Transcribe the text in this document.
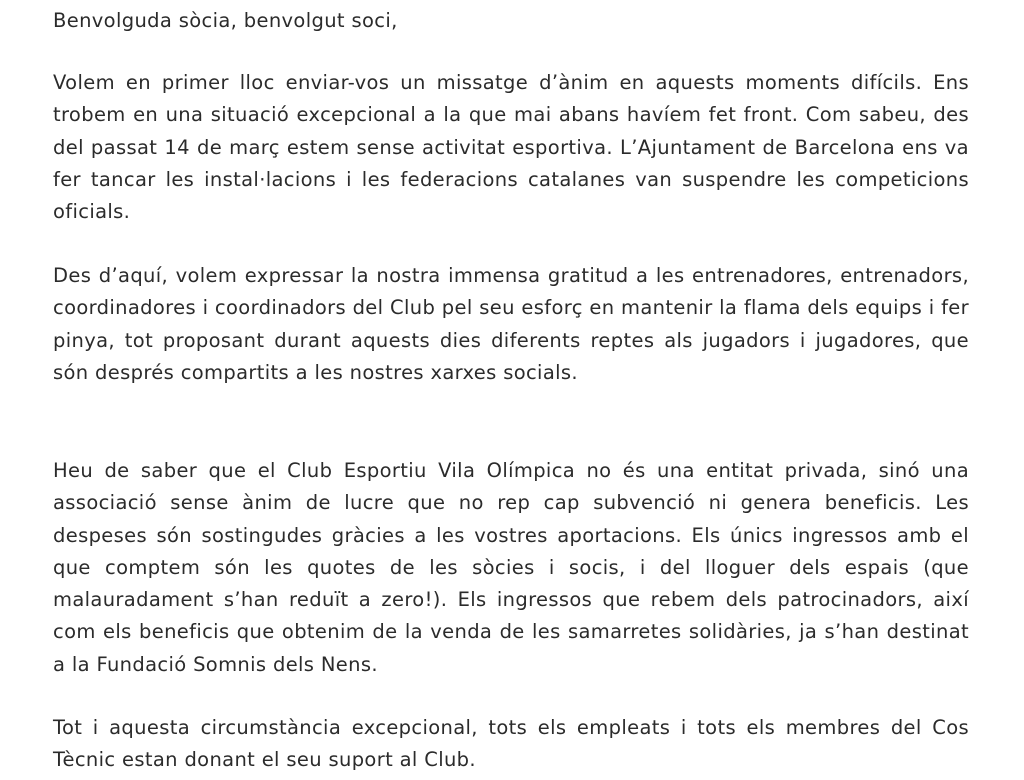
Benvolguda sòcia, benvolgut soci,

Volem en primer lloc enviar-vos un missatge d’ànim en aquests moments difícils. Ens trobem en una situació excepcional a la que mai abans havíem fet front. Com sabeu, des del passat 14 de març estem sense activitat esportiva. L’Ajuntament de Barcelona ens va fer tancar les instal·lacions i les federacions catalanes van suspendre les competicions oficials.

Des d’aquí, volem expressar la nostra immensa gratitud a les entrenadores, entrenadors, coordinadores i coordinadors del Club pel seu esforç en mantenir la flama dels equips i fer pinya, tot proposant durant aquests dies diferents reptes als jugadors i jugadores, que són després compartits a les nostres xarxes socials.

Heu de saber que el Club Esportiu Vila Olímpica no és una entitat privada, sinó una associació sense ànim de lucre que no rep cap subvenció ni genera beneficis. Les despeses són sostingudes gràcies a les vostres aportacions. Els únics ingressos amb el que comptem són les quotes de les sòcies i socis, i del lloguer dels espais (que malauradament s’han reduït a zero!). Els ingressos que rebem dels patrocinadors, així com els beneficis que obtenim de la venda de les samarretes solidàries, ja s’han destinat a la Fundació Somnis dels Nens.

Tot i aquesta circumstància excepcional, tots els empleats i tots els membres del Cos Tècnic estan donant el seu suport al Club.
